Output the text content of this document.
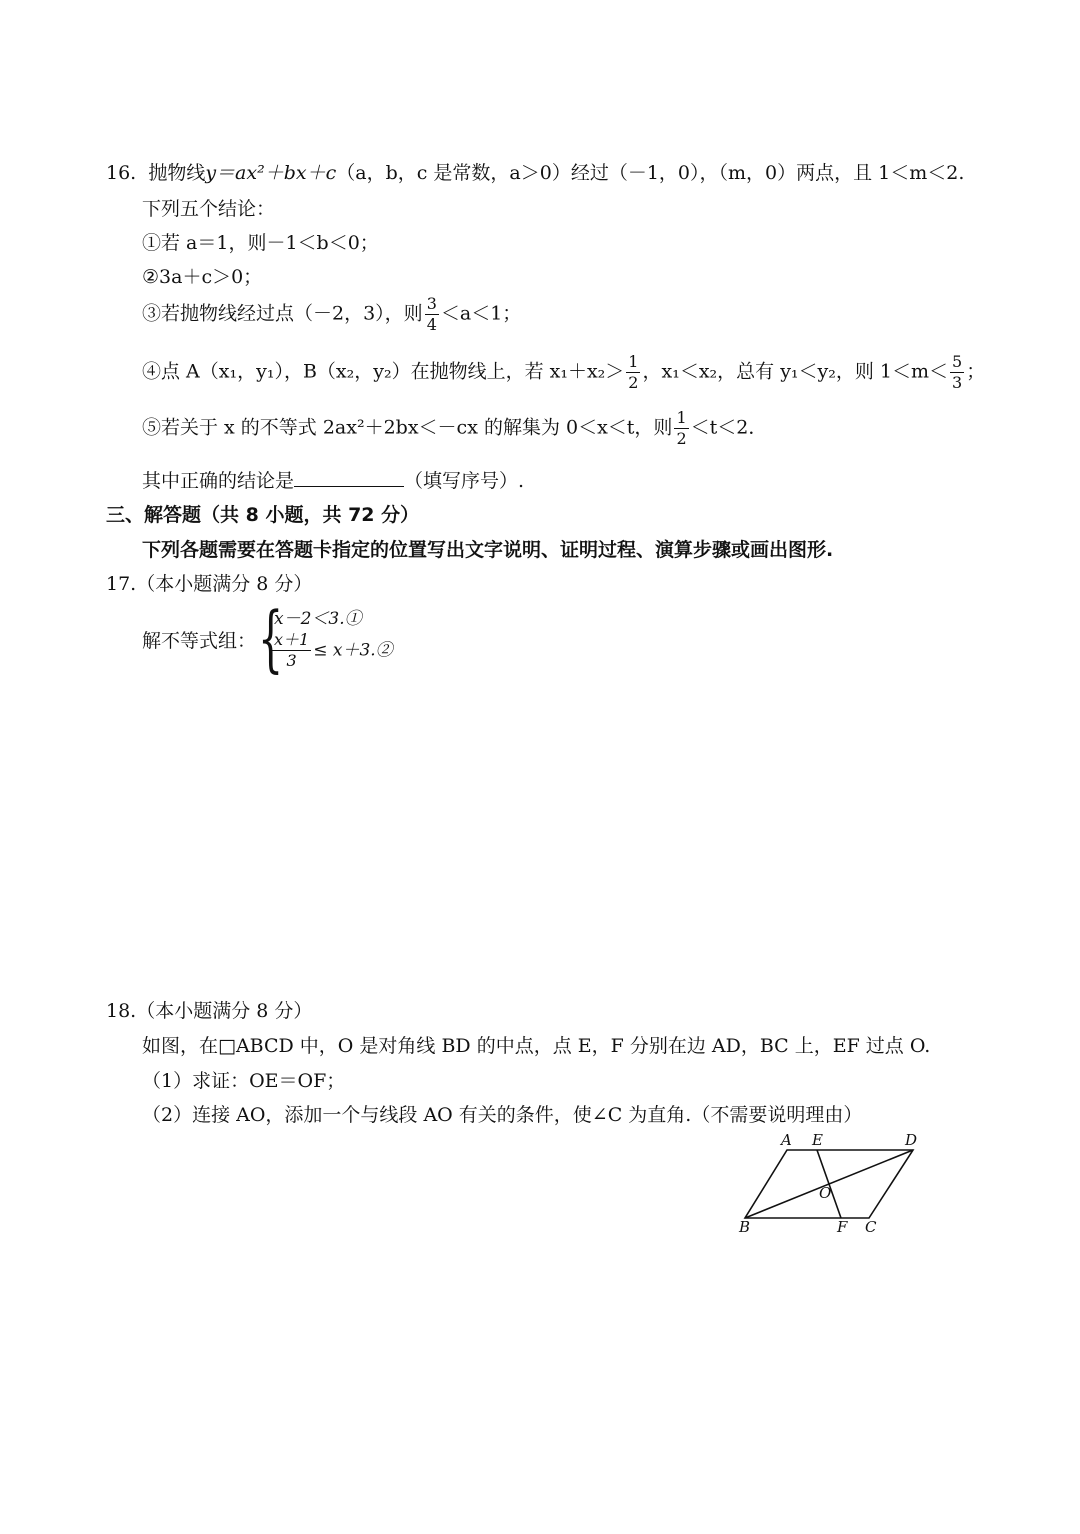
16. 抛物线y＝ax²＋bx＋c（a，b，c 是常数，a＞0）经过（－1，0），（m，0）两点，且 1＜m＜2.
下列五个结论：
①若 a＝1，则－1＜b＜0；
②3a＋c＞0；
③若抛物线经过点（－2，3），则 $\frac{3}{4} <a<1$；
④点 A（x₁，y₁），B（x₂，y₂）在抛物线上，若 $x_1+x_2> \frac{1}{2}$ ，x₁＜x₂，总有 y₁＜y₂，则 $1<m< \frac{5}{3}$ ；
⑤若关于 x 的不等式 2ax²＋2bx＜－cx 的解集为 0＜x＜t，则 $\frac{1}{2} <t<2$．
其中正确的结论是	（填写序号）.
三、解答题（共 8 小题，共 72 分）
下列各题需要在答题卡指定的位置写出文字说明、证明过程、演算步骤或画出图形.
17.（本小题满分 8 分）
解不等式组： {
x－2＜3.①
$\frac{x+1}{3}$ ≤ x＋3.②
18.（本小题满分 8 分）
如图，在□ABCD 中，O 是对角线 BD 的中点，点 E，F 分别在边 AD，BC 上，EF 过点 O.
（1）求证：OE＝OF；
（2）连接 AO，添加一个与线段 AO 有关的条件，使∠C 为直角.（不需要说明理由）
A E	D
O
B	F C
